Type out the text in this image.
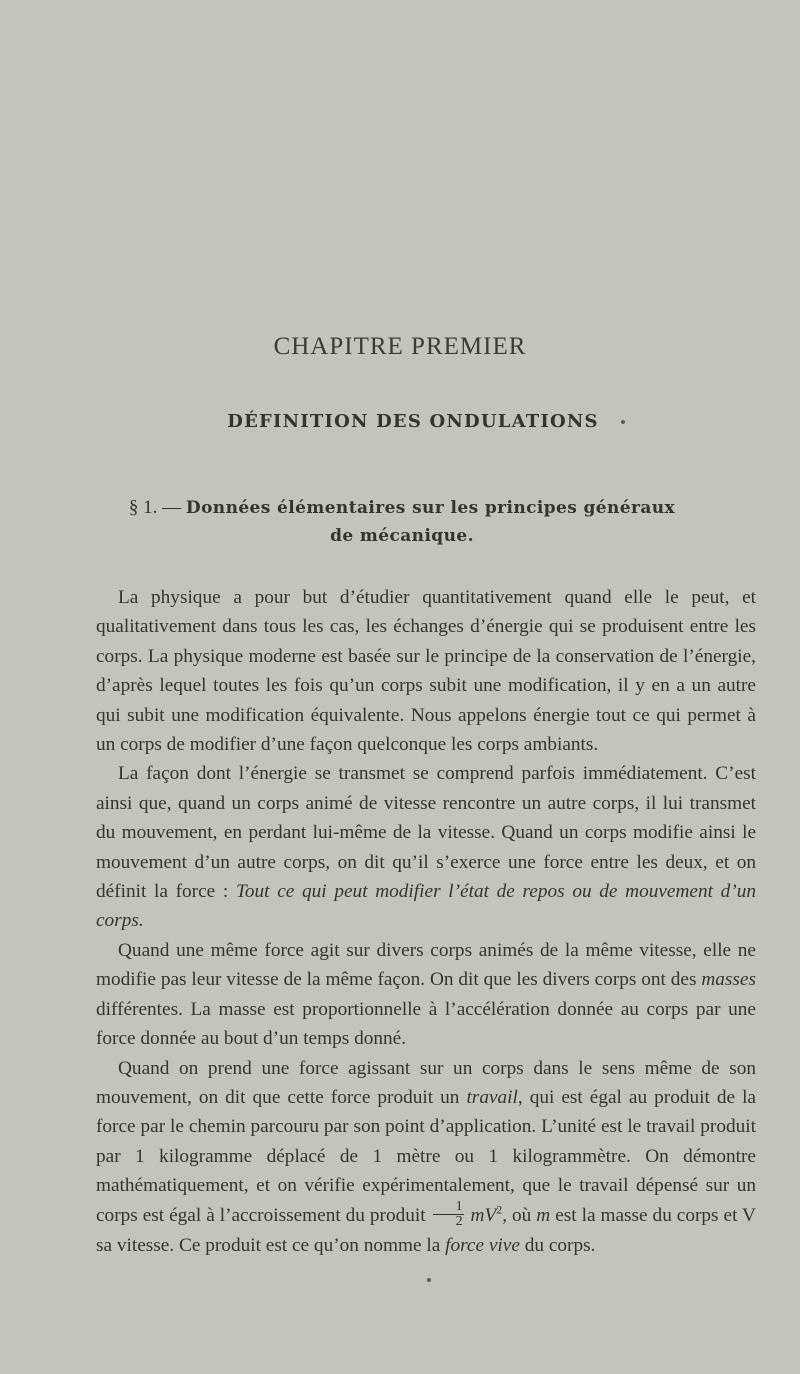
CHAPITRE PREMIER
DÉFINITION DES ONDULATIONS
§ 1. — Données élémentaires sur les principes généraux
de mécanique.

La physique a pour but d’étudier quantitativement quand elle le peut, et qualitativement dans tous les cas, les échanges d’énergie qui se produisent entre les corps. La physique moderne est basée sur le principe de la conservation de l’énergie, d’après lequel toutes les fois qu’un corps subit une modification, il y en a un autre qui subit une modification équivalente. Nous appelons énergie tout ce qui permet à un corps de modifier d’une façon quelconque les corps ambiants.

La façon dont l’énergie se transmet se comprend parfois immédiatement. C’est ainsi que, quand un corps animé de vitesse rencontre un autre corps, il lui transmet du mouvement, en perdant lui-même de la vitesse. Quand un corps modifie ainsi le mouvement d’un autre corps, on dit qu’il s’exerce une force entre les deux, et on définit la force : Tout ce qui peut modifier l’état de repos ou de mouvement d’un corps.

Quand une même force agit sur divers corps animés de la même vitesse, elle ne modifie pas leur vitesse de la même façon. On dit que les divers corps ont des masses différentes. La masse est proportionnelle à l’accélération donnée au corps par une force donnée au bout d’un temps donné.

Quand on prend une force agissant sur un corps dans le sens même de son mouvement, on dit que cette force produit un travail, qui est égal au produit de la force par le chemin parcouru par son point d’application. L’unité est le travail produit par 1 kilogramme déplacé de 1 mètre ou 1 kilogrammètre. On démontre mathématiquement, et on vérifie expérimentalement, que le travail dépensé sur un corps est égal à l’accroissement du produit $\frac{1}{2} mV^2$, où m est la masse du corps et V sa vitesse. Ce produit est ce qu’on nomme la force vive du corps.
